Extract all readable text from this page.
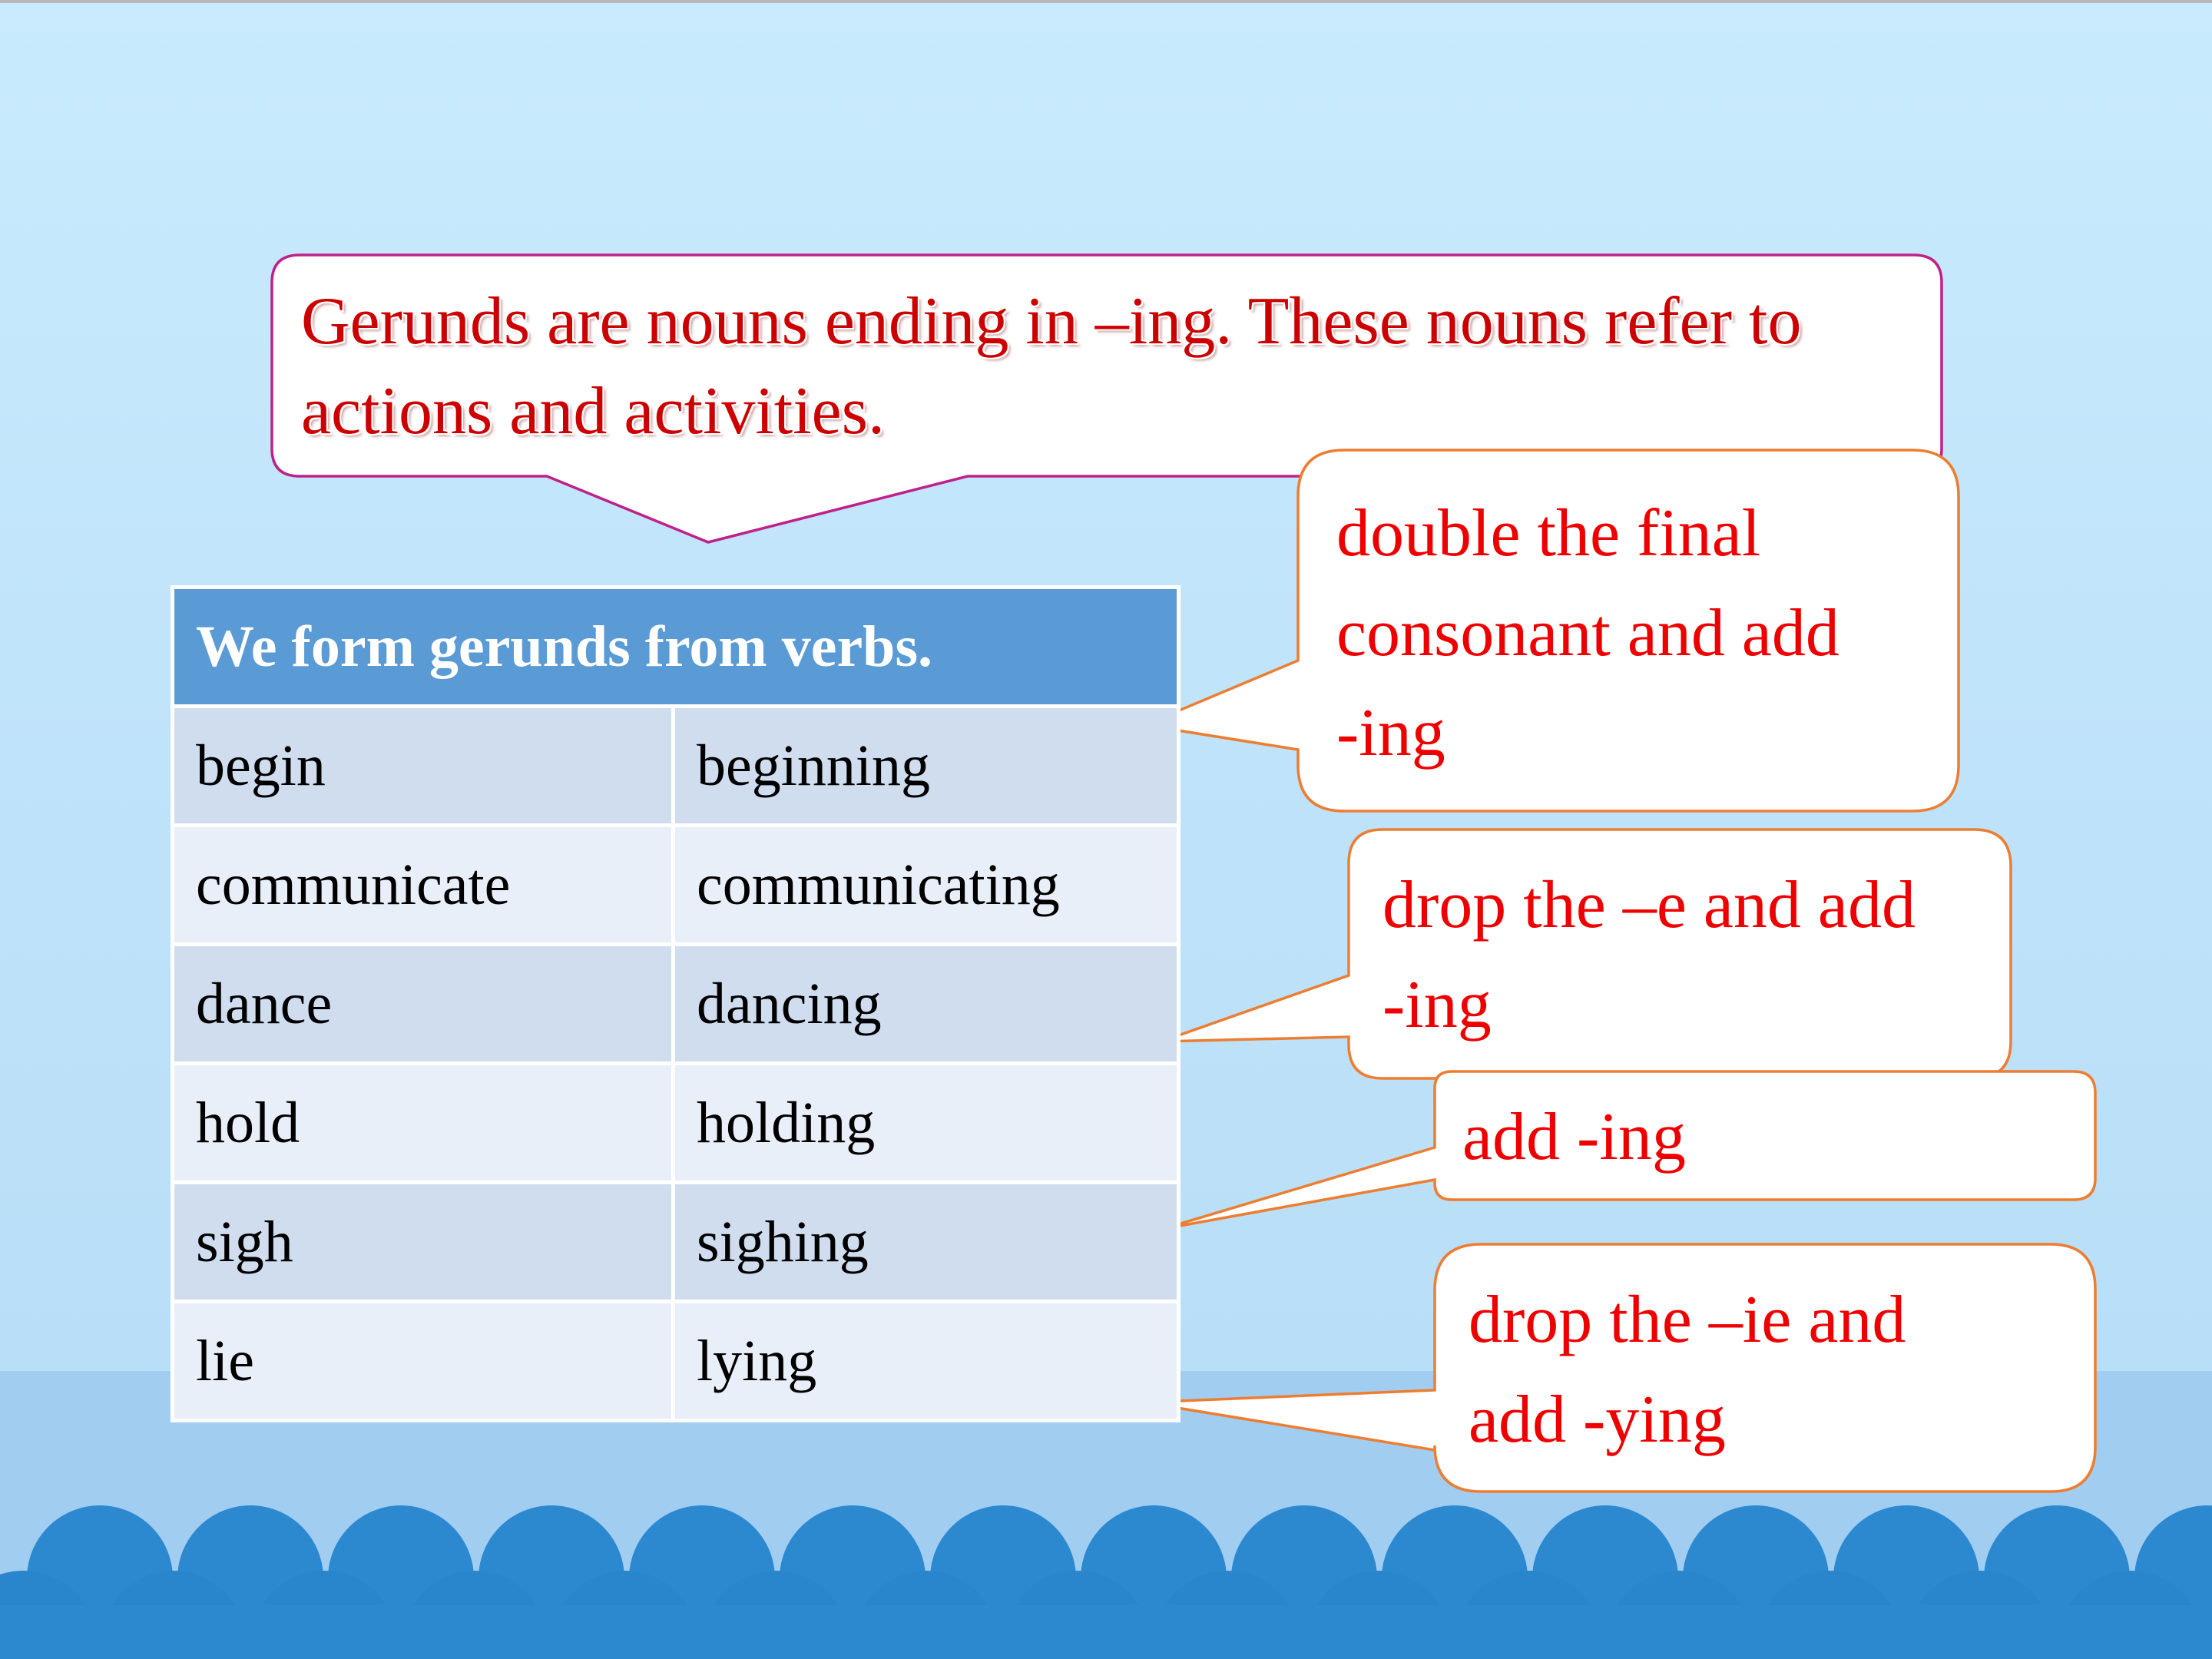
Gerunds are nouns ending in –ing. These nouns refer to actions and activities.
We form gerunds from verbs.	
begin	beginning
communicate	communicating
dance	dancing
hold	holding
sigh	sighing
lie	lying
double the final
consonant and add
-ing
drop the –e and add
-ing
add -ing
drop the –ie and
add -ying
